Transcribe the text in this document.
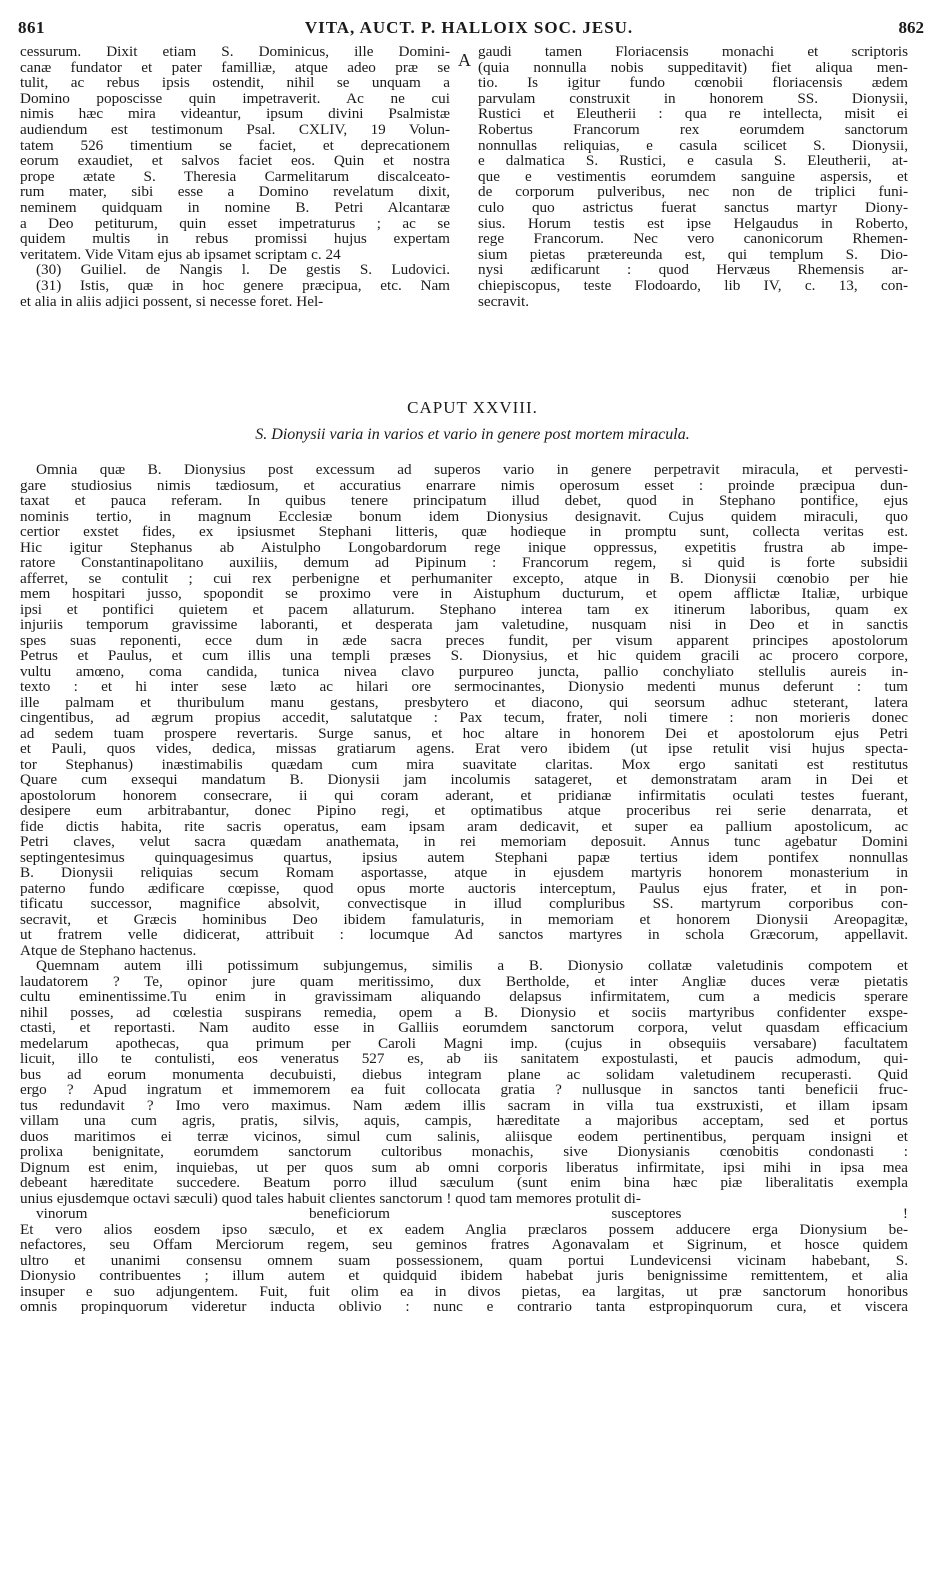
861	VITA, AUCT. P. HALLOIX SOC. JESU.	862
A
cessurum. Dixit etiam S. Dominicus, ille Domini-
canæ fundator et pater familliæ, atque adeo præ se
tulit, ac rebus ipsis ostendit, nihil se unquam a
Domino poposcisse quin impetraverit. Ac ne cui
nimis hæc mira videantur, ipsum divini Psalmistæ
audiendum est testimonum Psal. CXLIV, 19 Volun-
tatem 526 timentium se faciet, et deprecationem
eorum exaudiet, et salvos faciet eos. Quin et nostra
prope ætate S. Theresia Carmelitarum discalceato-
rum mater, sibi esse a Domino revelatum dixit,
neminem quidquam in nomine B. Petri Alcantaræ
a Deo petiturum, quin esset impetraturus ; ac se
quidem multis in rebus promissi hujus expertam
veritatem. Vide Vitam ejus ab ipsamet scriptam c. 24
(30) Guiliel. de Nangis l. De gestis S. Ludovici.
(31) Istis, quæ in hoc genere præcipua, etc. Nam
et alia in aliis adjici possent, si necesse foret. Hel-
gaudi tamen Floriacensis monachi et scriptoris
(quia nonnulla nobis suppeditavit) fiet aliqua men-
tio. Is igitur fundo cœnobii floriacensis ædem
parvulam construxit in honorem SS. Dionysii,
Rustici et Eleutherii : qua re intellecta, misit ei
Robertus Francorum rex eorumdem sanctorum
nonnullas reliquias, e casula scilicet S. Dionysii,
e dalmatica S. Rustici, e casula S. Eleutherii, at-
que e vestimentis eorumdem sanguine aspersis, et
de corporum pulveribus, nec non de triplici funi-
culo quo astrictus fuerat sanctus martyr Diony-
sius. Horum testis est ipse Helgaudus in Roberto,
rege Francorum. Nec vero canonicorum Rhemen-
sium pietas prætereunda est, qui templum S. Dio-
nysi ædificarunt : quod Hervæus Rhemensis ar-
chiepiscopus, teste Flodoardo, lib IV, c. 13, con-
secravit.
CAPUT XXVIII.
S. Dionysii varia in varios et vario in genere post mortem miracula.
Omnia quæ B. Dionysius post excessum ad superos vario in genere perpetravit miracula, et pervesti-
gare studiosius nimis tædiosum, et accuratius enarrare nimis operosum esset : proinde præcipua dun-
taxat et pauca referam. In quibus tenere principatum illud debet, quod in Stephano pontifice, ejus
nominis tertio, in magnum Ecclesiæ bonum idem Dionysius designavit. Cujus quidem miraculi, quo
certior exstet fides, ex ipsiusmet Stephani litteris, quæ hodieque in promptu sunt, collecta veritas est.
Hic igitur Stephanus ab Aistulpho Longobardorum rege inique oppressus, expetitis frustra ab impe-
ratore Constantinapolitano auxiliis, demum ad Pipinum : Francorum regem, si quid is forte subsidii
afferret, se contulit ; cui rex perbenigne et perhumaniter excepto, atque in B. Dionysii cœnobio per hie
mem hospitari jusso, spopondit se proximo vere in Aistuphum ducturum, et opem afflictæ Italiæ, urbique
ipsi et pontifici quietem et pacem allaturum. Stephano interea tam ex itinerum laboribus, quam ex
injuriis temporum gravissime laboranti, et desperata jam valetudine, nusquam nisi in Deo et in sanctis
spes suas reponenti, ecce dum in æde sacra preces fundit, per visum apparent principes apostolorum
Petrus et Paulus, et cum illis una templi præses S. Dionysius, et hic quidem gracili ac procero corpore,
vultu amœno, coma candida, tunica nivea clavo purpureo juncta, pallio conchyliato stellulis aureis in-
texto : et hi inter sese læto ac hilari ore sermocinantes, Dionysio medenti munus deferunt : tum
ille palmam et thuribulum manu gestans, presbytero et diacono, qui seorsum adhuc steterant, latera
cingentibus, ad ægrum propius accedit, salutatque : Pax tecum, frater, noli timere : non morieris donec
ad sedem tuam prospere revertaris. Surge sanus, et hoc altare in honorem Dei et apostolorum ejus Petri
et Pauli, quos vides, dedica, missas gratiarum agens. Erat vero ibidem (ut ipse retulit visi hujus specta-
tor Stephanus) inæstimabilis quædam cum mira suavitate claritas. Mox ergo sanitati est restitutus
Quare cum exsequi mandatum B. Dionysii jam incolumis satageret, et demonstratam aram in Dei et
apostolorum honorem consecrare, ii qui coram aderant, et pridianæ infirmitatis oculati testes fuerant,
desipere eum arbitrabantur, donec Pipino regi, et optimatibus atque proceribus rei serie denarrata, et
fide dictis habita, rite sacris operatus, eam ipsam aram dedicavit, et super ea pallium apostolicum, ac
Petri claves, velut sacra quædam anathemata, in rei memoriam deposuit. Annus tunc agebatur Domini
septingentesimus quinquagesimus quartus, ipsius autem Stephani papæ tertius idem pontifex nonnullas
B. Dionysii reliquias secum Romam asportasse, atque in ejusdem martyris honorem monasterium in
paterno fundo ædificare cœpisse, quod opus morte auctoris interceptum, Paulus ejus frater, et in pon-
tificatu successor, magnifice absolvit, convectisque in illud compluribus SS. martyrum corporibus con-
secravit, et Græcis hominibus Deo ibidem famulaturis, in memoriam et honorem Dionysii Areopagitæ,
ut fratrem velle didicerat, attribuit : locumque Ad sanctos martyres in schola Græcorum, appellavit.
Atque de Stephano hactenus.
Quemnam autem illi potissimum subjungemus, similis a B. Dionysio collatæ valetudinis compotem et
laudatorem ? Te, opinor jure quam meritissimo, dux Bertholde, et inter Angliæ duces veræ pietatis
cultu eminentissime.Tu enim in gravissimam aliquando delapsus infirmitatem, cum a medicis sperare
nihil posses, ad cœlestia suspirans remedia, opem a B. Dionysio et sociis martyribus confidenter exspe-
ctasti, et reportasti. Nam audito esse in Galliis eorumdem sanctorum corpora, velut quasdam efficacium
medelarum apothecas, qua primum per Caroli Magni imp. (cujus in obsequiis versabare) facultatem
licuit, illo te contulisti, eos veneratus 527 es, ab iis sanitatem expostulasti, et paucis admodum, qui-
bus ad eorum monumenta decubuisti, diebus integram plane ac solidam valetudinem recuperasti. Quid
ergo ? Apud ingratum et immemorem ea fuit collocata gratia ? nullusque in sanctos tanti beneficii fruc-
tus redundavit ? Imo vero maximus. Nam ædem illis sacram in villa tua exstruxisti, et illam ipsam
villam una cum agris, pratis, silvis, aquis, campis, hæreditate a majoribus acceptam, sed et portus
duos maritimos ei terræ vicinos, simul cum salinis, aliisque eodem pertinentibus, perquam insigni et
prolixa benignitate, eorumdem sanctorum cultoribus monachis, sive Dionysianis cœnobitis condonasti :
Dignum est enim, inquiebas, ut per quos sum ab omni corporis liberatus infirmitate, ipsi mihi in ipsa mea
debeant hæreditate succedere. Beatum porro illud sæculum (sunt enim bina hæc piæ liberalitatis exempla
unius ejusdemque octavi sæculi) quod tales habuit clientes sanctorum ! quod tam memores protulit di-
vinorum beneficiorum susceptores !
Et vero alios eosdem ipso sæculo, et ex eadem Anglia præclaros possem adducere erga Dionysium be-
nefactores, seu Offam Merciorum regem, seu geminos fratres Agonavalam et Sigrinum, et hosce quidem
ultro et unanimi consensu omnem suam possessionem, quam portui Lundevicensi vicinam habebant, S.
Dionysio contribuentes ; illum autem et quidquid ibidem habebat juris benignissime remittentem, et alia
insuper e suo adjungentem. Fuit, fuit olim ea in divos pietas, ea largitas, ut præ sanctorum honoribus
omnis propinquorum videretur inducta oblivio : nunc e contrario tanta estpropinquorum cura, et viscera
